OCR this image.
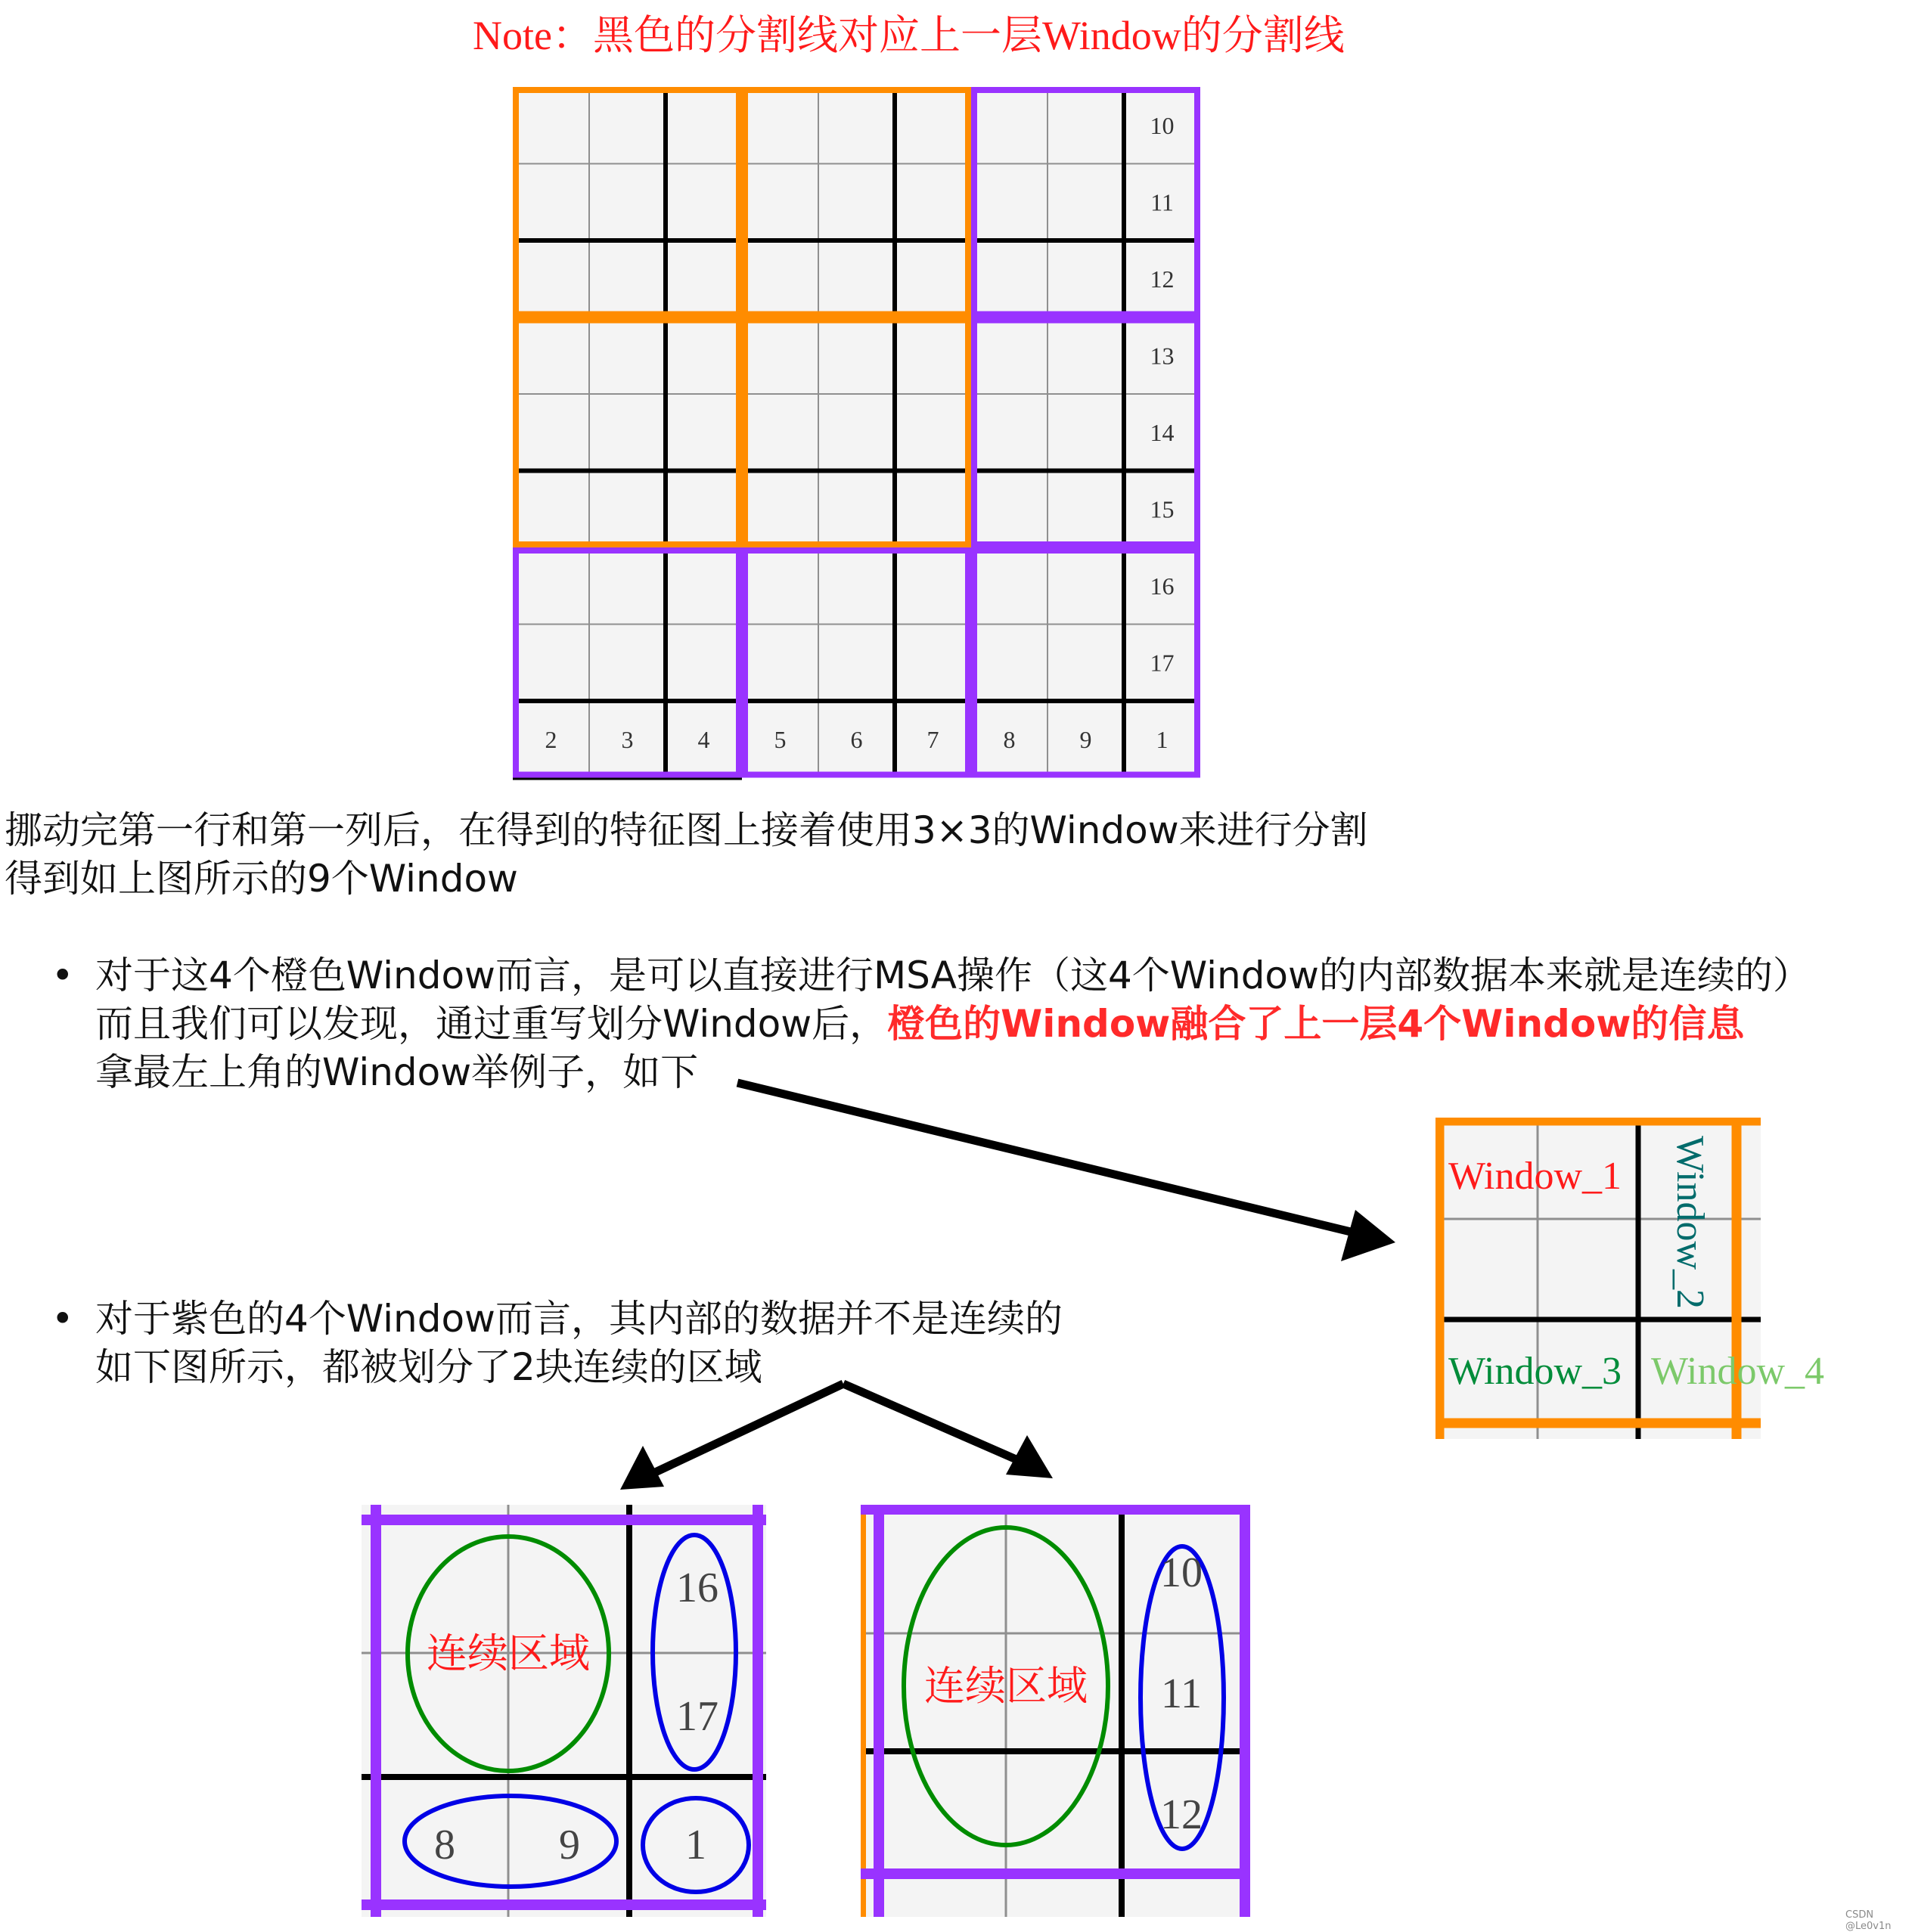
Note：黑色的分割线对应上一层Window的分割线
10
11
12
13
14
15
16
17
2	3	4	5	6	7	8	9	1
Window_1 Window_2
Window_3 Window_4
连续区域
16
17
8 9 1
连续区域
10
11
12
挪动完第一行和第一列后，在得到的特征图上接着使用3×3的Window来进行分割
得到如上图所示的9个Window
• 对于这4个橙色Window而言，是可以直接进行MSA操作（这4个Window的内部数据本来就是连续的）
而且我们可以发现，通过重写划分Window后，橙色的Window融合了上一层4个Window的信息
拿最左上角的Window举例子，如下
• 对于紫色的4个Window而言，其内部的数据并不是连续的
如下图所示，都被划分了2块连续的区域
CSDN @Le0v1n
